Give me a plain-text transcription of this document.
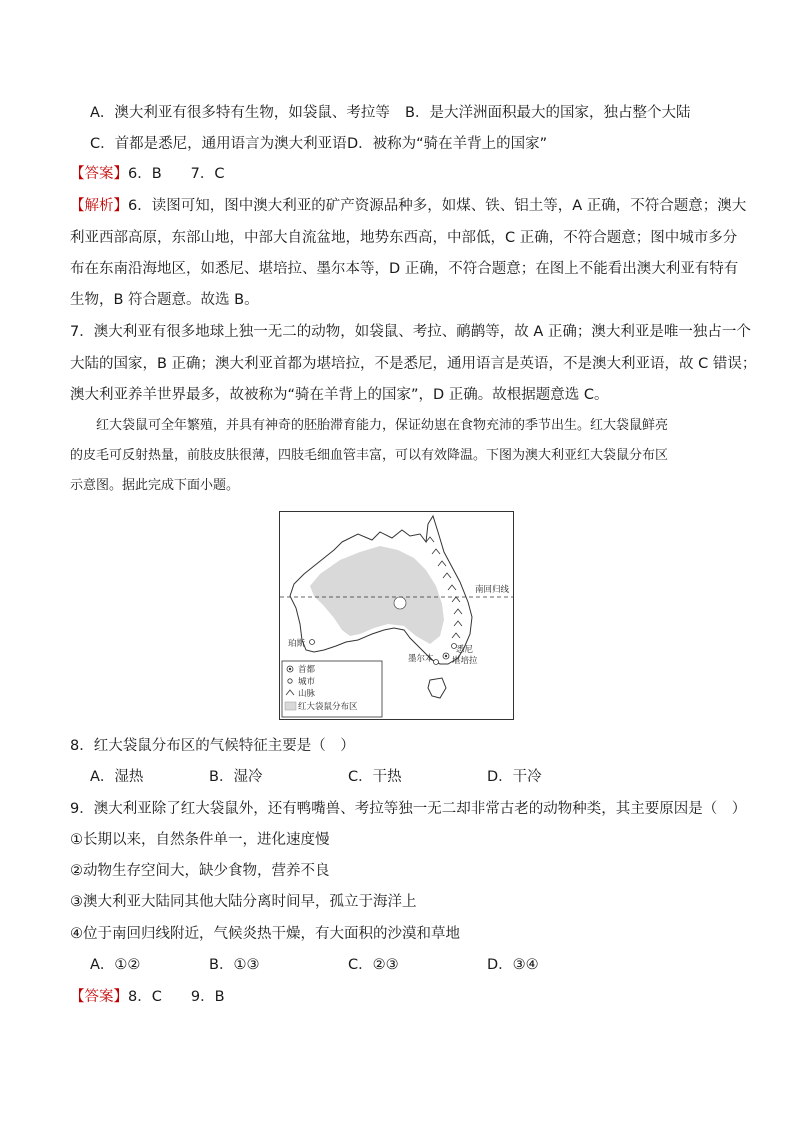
A．澳大利亚有很多特有生物，如袋鼠、考拉等 B．是大洋洲面积最大的国家，独占整个大陆
C．首都是悉尼，通用语言为澳大利亚语 D．被称为“骑在羊背上的国家”
【答案】6．B　　7．C
【解析】6．读图可知，图中澳大利亚的矿产资源品种多，如煤、铁、铝土等，A 正确，不符合题意；澳大
利亚西部高原，东部山地，中部大自流盆地，地势东西高，中部低，C 正确，不符合题意；图中城市多分
布在东南沿海地区，如悉尼、堪培拉、墨尔本等，D 正确，不符合题意；在图上不能看出澳大利亚有特有
生物，B 符合题意。故选 B。
7．澳大利亚有很多地球上独一无二的动物，如袋鼠、考拉、鸸鹋等，故 A 正确；澳大利亚是唯一独占一个
大陆的国家，B 正确；澳大利亚首都为堪培拉，不是悉尼，通用语言是英语，不是澳大利亚语，故 C 错误；
澳大利亚养羊世界最多，故被称为“骑在羊背上的国家”，D 正确。故根据题意选 C。
红大袋鼠可全年繁殖，并具有神奇的胚胎滞育能力，保证幼崽在食物充沛的季节出生。红大袋鼠鲜亮
的皮毛可反射热量，前肢皮肤很薄，四肢毛细血管丰富，可以有效降温。下图为澳大利亚红大袋鼠分布区
示意图。据此完成下面小题。
南回归线
珀斯
悉尼
堪培拉
墨尔本
首都
城市
山脉
红大袋鼠分布区
8．红大袋鼠分布区的气候特征主要是（　）
A．湿热	B．湿冷	C．干热	D．干冷
9．澳大利亚除了红大袋鼠外，还有鸭嘴兽、考拉等独一无二却非常古老的动物种类，其主要原因是（　）
①长期以来，自然条件单一，进化速度慢
②动物生存空间大，缺少食物，营养不良
③澳大利亚大陆同其他大陆分离时间早，孤立于海洋上
④位于南回归线附近，气候炎热干燥，有大面积的沙漠和草地
A．①②	B．①③	C．②③	D．③④
【答案】8．C　　9．B
